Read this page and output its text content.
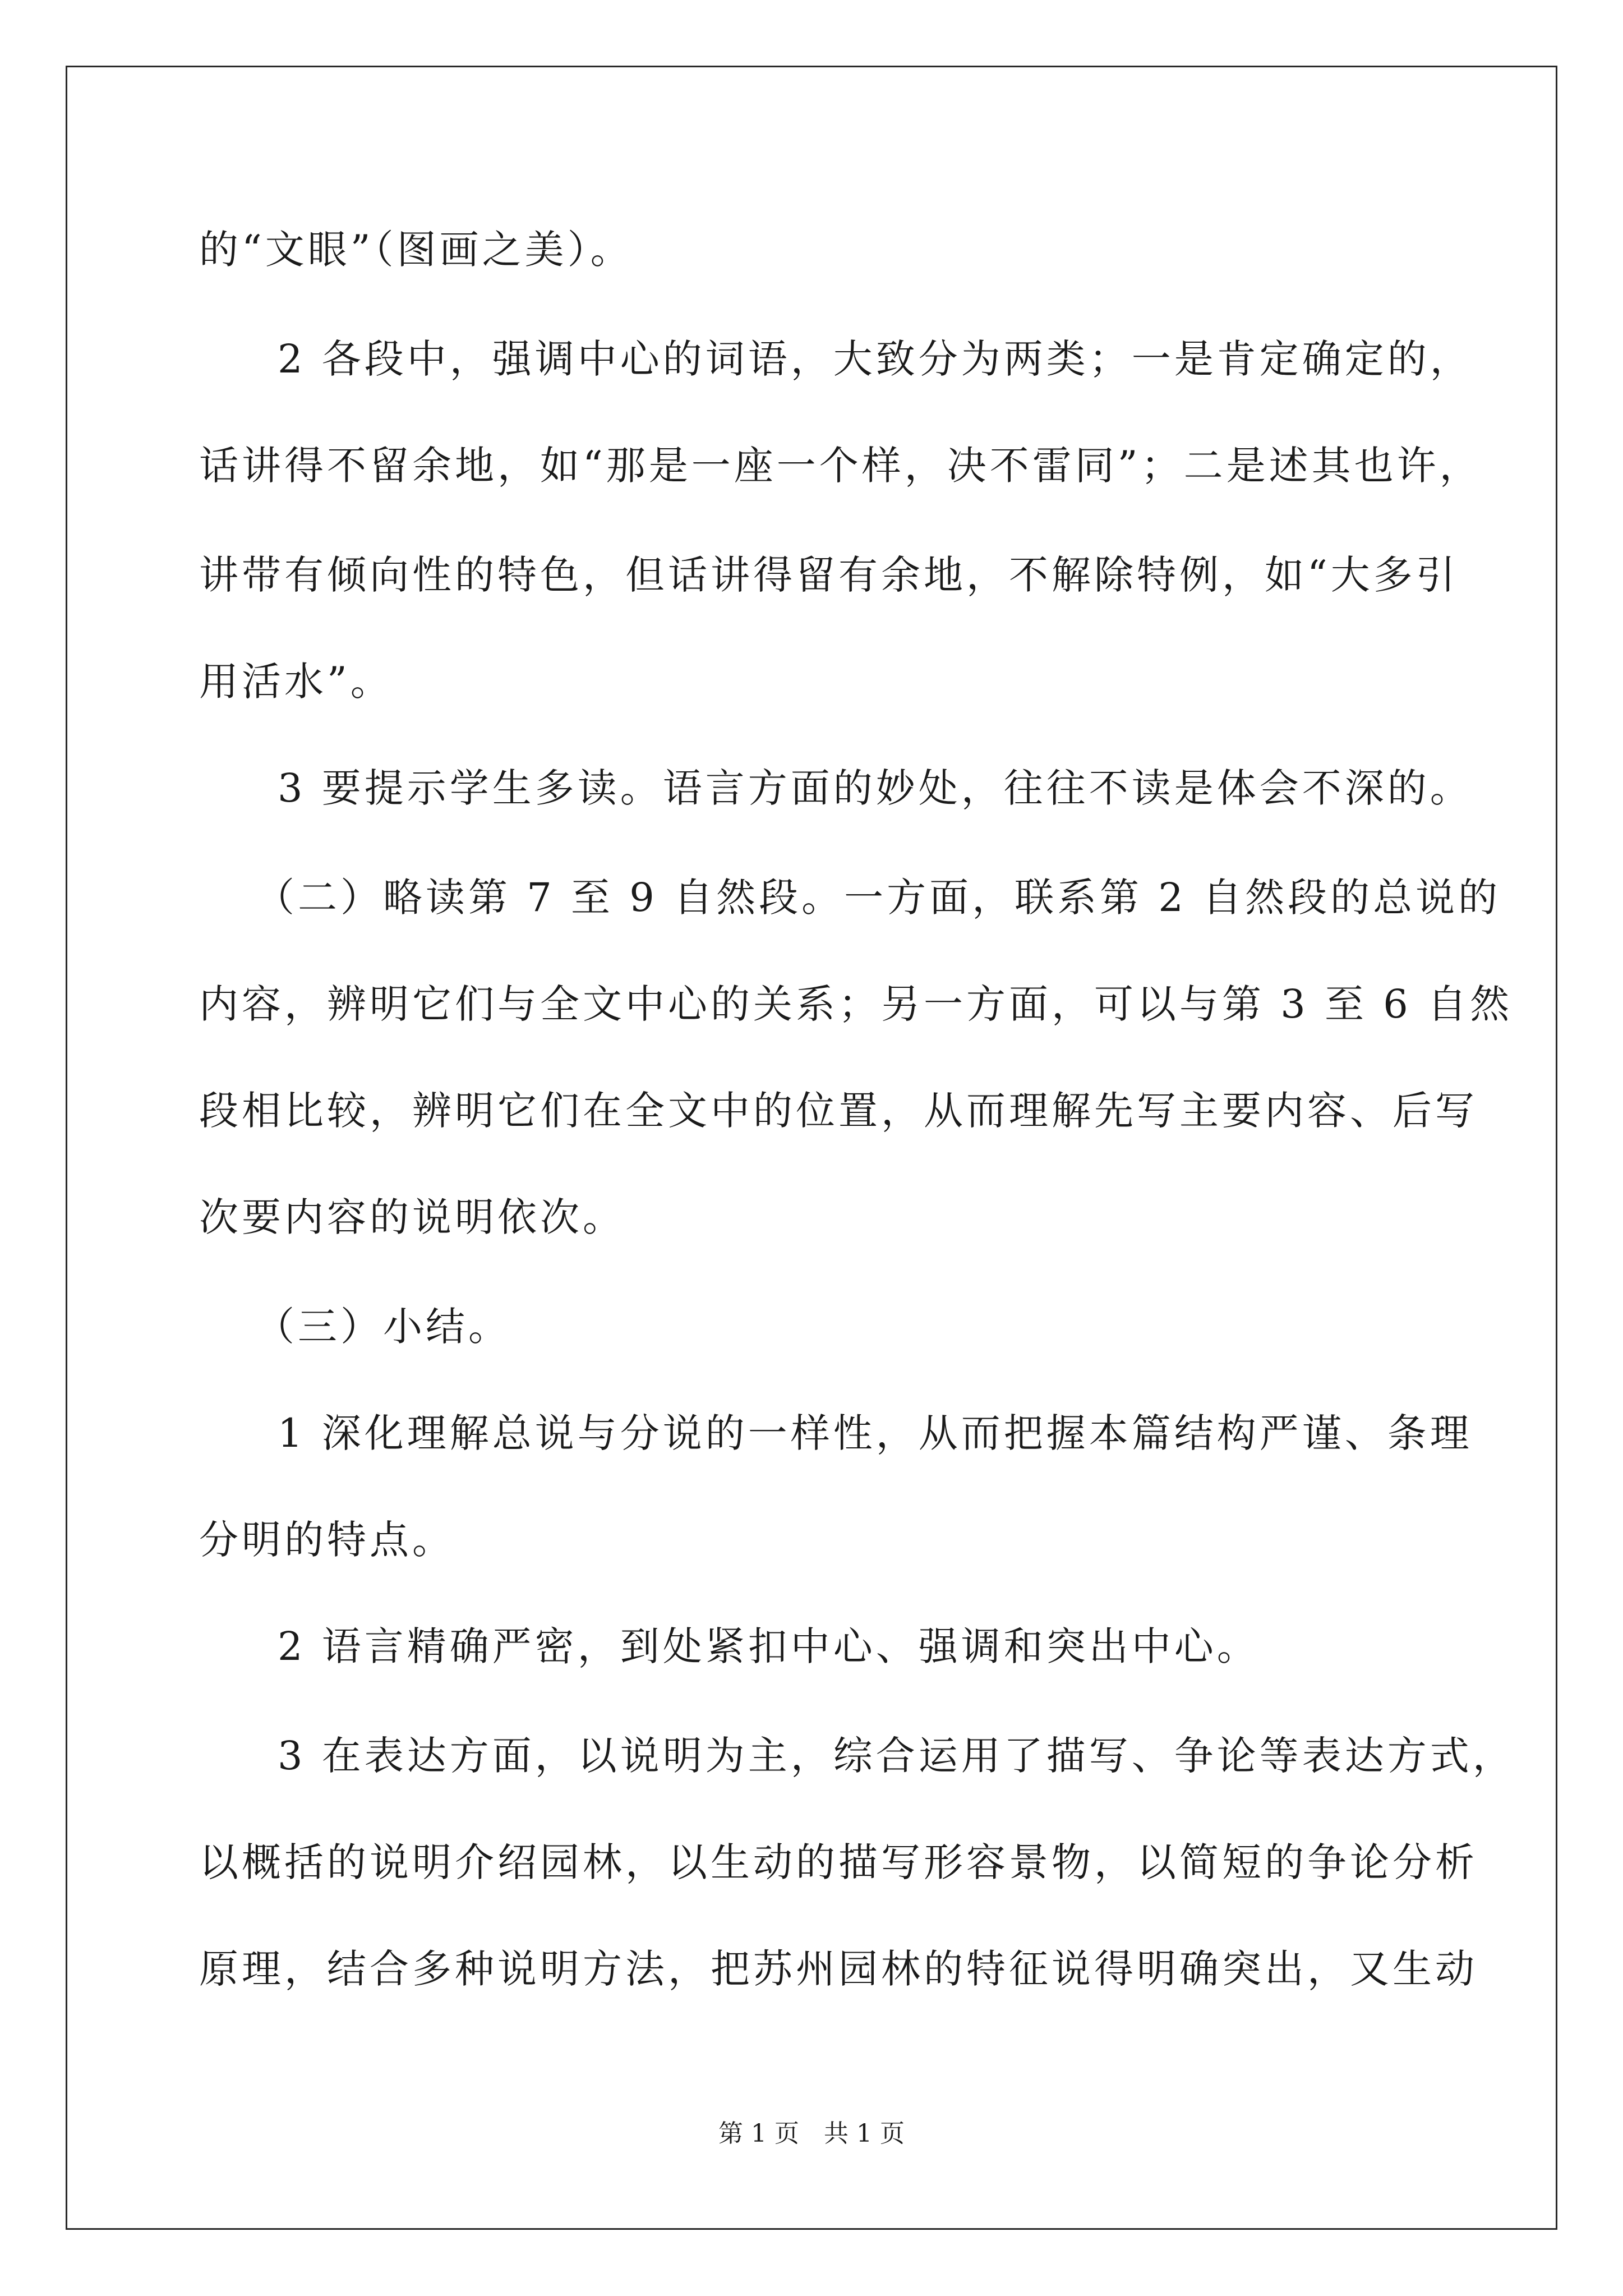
的“文眼”（图画之美）。
2 各段中，强调中心的词语，大致分为两类；一是肯定确定的，
话讲得不留余地，如“那是一座一个样，决不雷同”；二是述其也许，
讲带有倾向性的特色，但话讲得留有余地，不解除特例，如“大多引
用活水”。
3 要提示学生多读。语言方面的妙处，往往不读是体会不深的。
（二）略读第 7 至 9 自然段。一方面，联系第 2 自然段的总说的
内容，辨明它们与全文中心的关系；另一方面，可以与第 3 至 6 自然
段相比较，辨明它们在全文中的位置，从而理解先写主要内容、后写
次要内容的说明依次。
（三）小结。
1 深化理解总说与分说的一样性，从而把握本篇结构严谨、条理
分明的特点。
2 语言精确严密，到处紧扣中心、强调和突出中心。
3 在表达方面，以说明为主，综合运用了描写、争论等表达方式，
以概括的说明介绍园林，以生动的描写形容景物，以简短的争论分析
原理，结合多种说明方法，把苏州园林的特征说得明确突出，又生动
第 1 页　共 1 页
